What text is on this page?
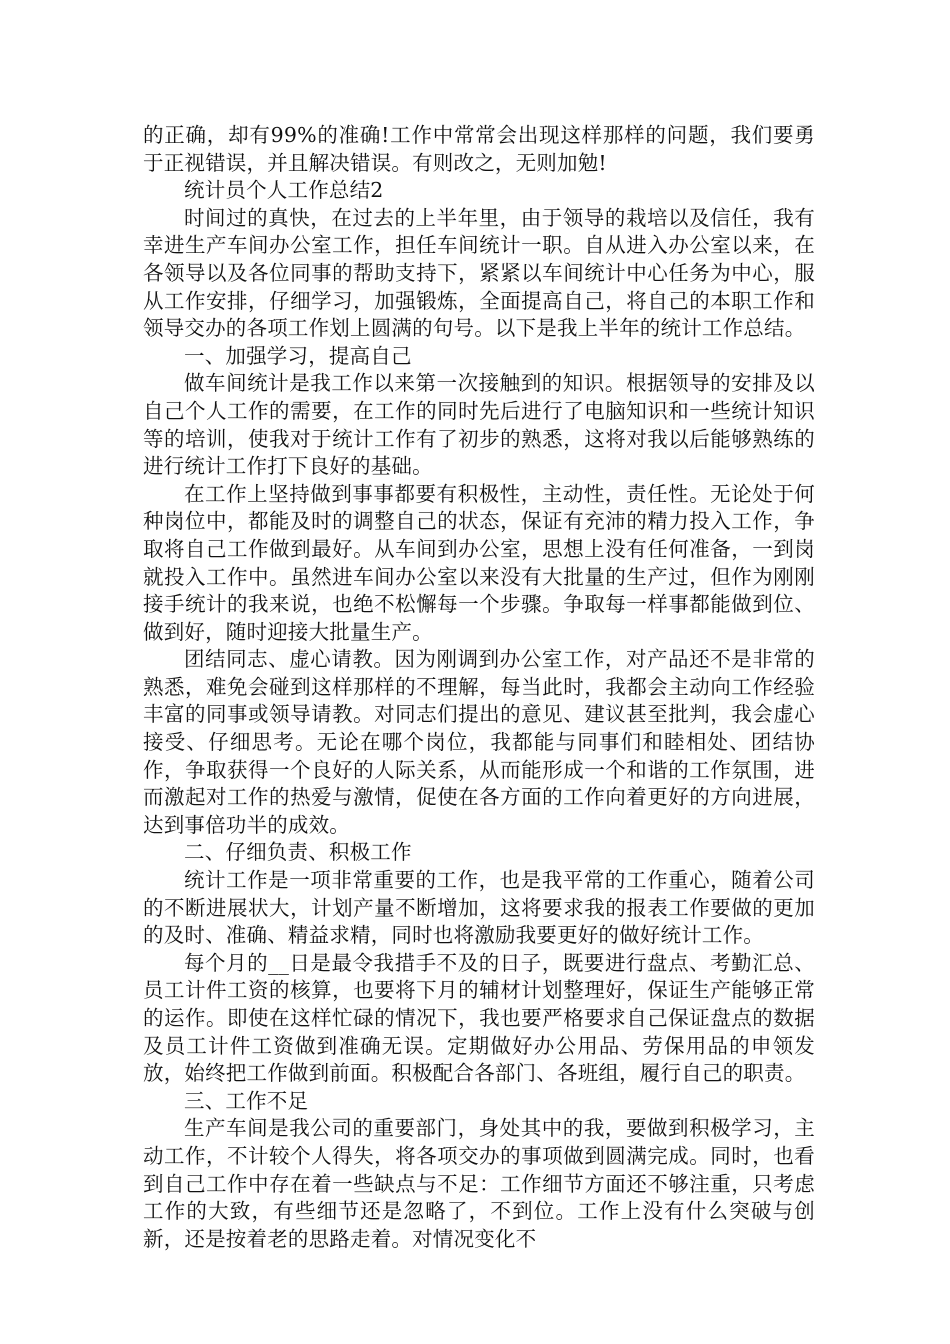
的正确，却有99%的准确!工作中常常会出现这样那样的问题，我们要勇于正视错误，并且解决错误。有则改之，无则加勉!

统计员个人工作总结2

时间过的真快，在过去的上半年里，由于领导的栽培以及信任，我有幸进生产车间办公室工作，担任车间统计一职。自从进入办公室以来，在各领导以及各位同事的帮助支持下，紧紧以车间统计中心任务为中心，服从工作安排，仔细学习，加强锻炼，全面提高自己，将自己的本职工作和领导交办的各项工作划上圆满的句号。以下是我上半年的统计工作总结。

一、加强学习，提高自己

做车间统计是我工作以来第一次接触到的知识。根据领导的安排及以自己个人工作的需要，在工作的同时先后进行了电脑知识和一些统计知识等的培训，使我对于统计工作有了初步的熟悉，这将对我以后能够熟练的进行统计工作打下良好的基础。

在工作上坚持做到事事都要有积极性，主动性，责任性。无论处于何种岗位中，都能及时的调整自己的状态，保证有充沛的精力投入工作，争取将自己工作做到最好。从车间到办公室，思想上没有任何准备，一到岗就投入工作中。虽然进车间办公室以来没有大批量的生产过，但作为刚刚接手统计的我来说，也绝不松懈每一个步骤。争取每一样事都能做到位、做到好，随时迎接大批量生产。

团结同志、虚心请教。因为刚调到办公室工作，对产品还不是非常的熟悉，难免会碰到这样那样的不理解，每当此时，我都会主动向工作经验丰富的同事或领导请教。对同志们提出的意见、建议甚至批判，我会虚心接受、仔细思考。无论在哪个岗位，我都能与同事们和睦相处、团结协作，争取获得一个良好的人际关系，从而能形成一个和谐的工作氛围，进而激起对工作的热爱与激情，促使在各方面的工作向着更好的方向进展，达到事倍功半的成效。

二、仔细负责、积极工作

统计工作是一项非常重要的工作，也是我平常的工作重心，随着公司的不断进展状大，计划产量不断增加，这将要求我的报表工作要做的更加的及时、准确、精益求精，同时也将激励我要更好的做好统计工作。

每个月的__日是最令我措手不及的日子，既要进行盘点、考勤汇总、员工计件工资的核算，也要将下月的辅材计划整理好，保证生产能够正常的运作。即使在这样忙碌的情况下，我也要严格要求自己保证盘点的数据及员工计件工资做到准确无误。定期做好办公用品、劳保用品的申领发放，始终把工作做到前面。积极配合各部门、各班组，履行自己的职责。

三、工作不足

生产车间是我公司的重要部门，身处其中的我，要做到积极学习，主动工作，不计较个人得失，将各项交办的事项做到圆满完成。同时，也看到自己工作中存在着一些缺点与不足：工作细节方面还不够注重，只考虑工作的大致，有些细节还是忽略了，不到位。工作上没有什么突破与创新，还是按着老的思路走着。对情况变化不
